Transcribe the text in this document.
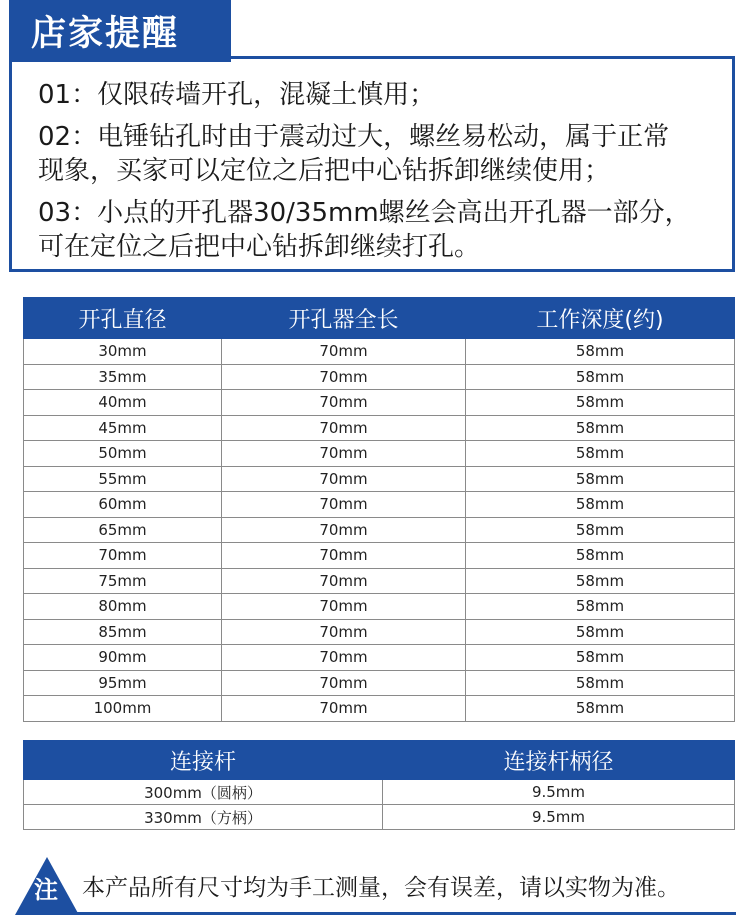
01：仅限砖墙开孔，混凝土慎用；
02：电锤钻孔时由于震动过大，螺丝易松动，属于正常
现象，买家可以定位之后把中心钻拆卸继续使用；
03：小点的开孔器30/35mm螺丝会高出开孔器一部分，
可在定位之后把中心钻拆卸继续打孔。
店家提醒
开孔直径	开孔器全长	工作深度(约)
30mm	70mm	58mm
35mm	70mm	58mm
40mm	70mm	58mm
45mm	70mm	58mm
50mm	70mm	58mm
55mm	70mm	58mm
60mm	70mm	58mm
65mm	70mm	58mm
70mm	70mm	58mm
75mm	70mm	58mm
80mm	70mm	58mm
85mm	70mm	58mm
90mm	70mm	58mm
95mm	70mm	58mm
100mm	70mm	58mm
连接杆	连接杆柄径
300mm（圆柄）	9.5mm
330mm（方柄）	9.5mm
注 本产品所有尺寸均为手工测量，会有误差，请以实物为准。
